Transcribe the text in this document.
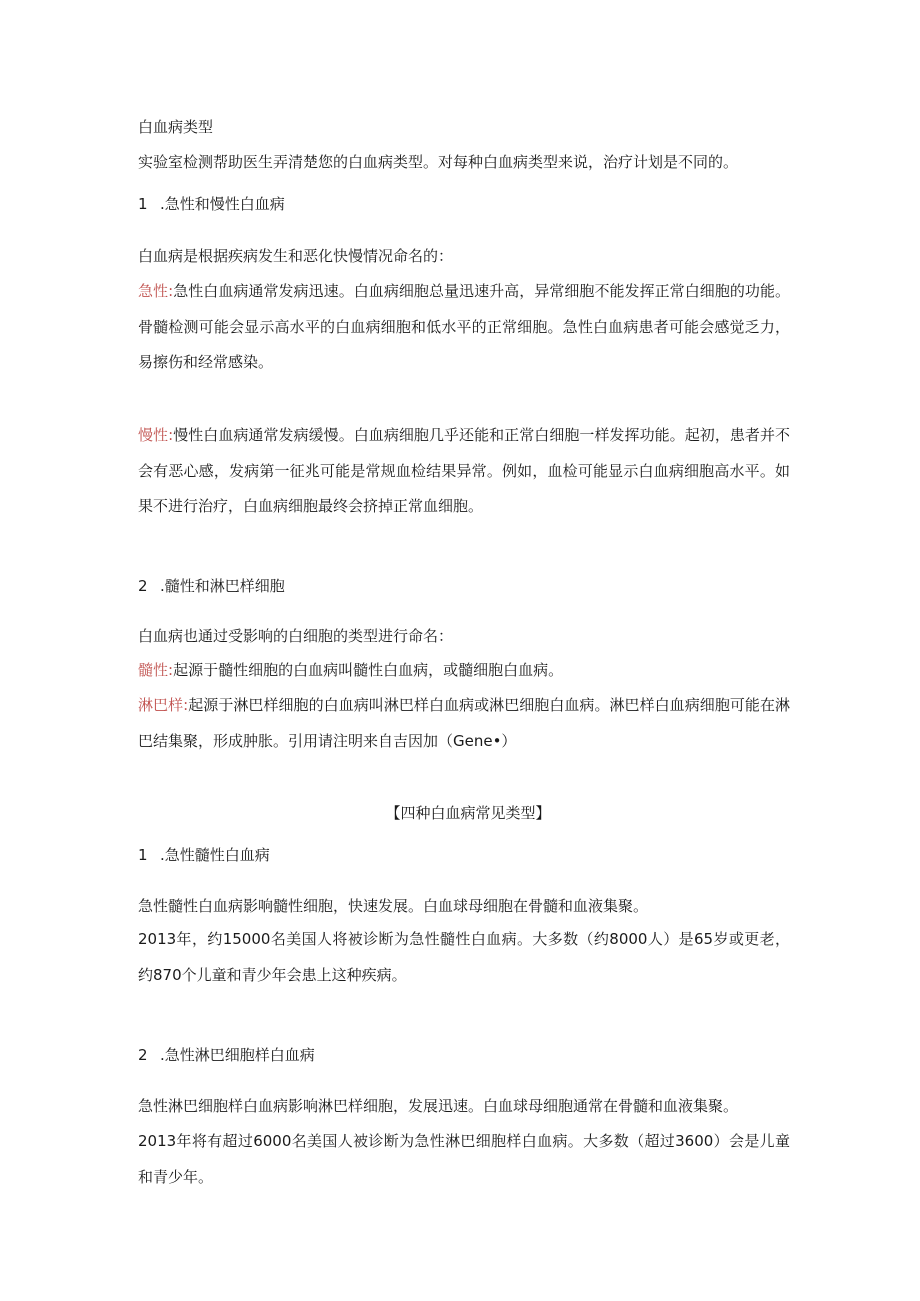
白血病类型
实验室检测帮助医生弄清楚您的白血病类型。对每种白血病类型来说，治疗计划是不同的。
1 .急性和慢性白血病
白血病是根据疾病发生和恶化快慢情况命名的：
急性:急性白血病通常发病迅速。白血病细胞总量迅速升高，异常细胞不能发挥正常白细胞的功能。骨髓检测可能会显示高水平的白血病细胞和低水平的正常细胞。急性白血病患者可能会感觉乏力，易擦伤和经常感染。
慢性:慢性白血病通常发病缓慢。白血病细胞几乎还能和正常白细胞一样发挥功能。起初，患者并不会有恶心感，发病第一征兆可能是常规血检结果异常。例如，血检可能显示白血病细胞高水平。如果不进行治疗，白血病细胞最终会挤掉正常血细胞。
2 .髓性和淋巴样细胞
白血病也通过受影响的白细胞的类型进行命名：
髓性:起源于髓性细胞的白血病叫髓性白血病，或髓细胞白血病。
淋巴样:起源于淋巴样细胞的白血病叫淋巴样白血病或淋巴细胞白血病。淋巴样白血病细胞可能在淋巴结集聚，形成肿胀。引用请注明来自吉因加（Gene•）
【四种白血病常见类型】
1 .急性髓性白血病
急性髓性白血病影响髓性细胞，快速发展。白血球母细胞在骨髓和血液集聚。
2013年，约15000名美国人将被诊断为急性髓性白血病。大多数（约8000人）是65岁或更老，约870个儿童和青少年会患上这种疾病。
2 .急性淋巴细胞样白血病
急性淋巴细胞样白血病影响淋巴样细胞，发展迅速。白血球母细胞通常在骨髓和血液集聚。
2013年将有超过6000名美国人被诊断为急性淋巴细胞样白血病。大多数（超过3600）会是儿童和青少年。
